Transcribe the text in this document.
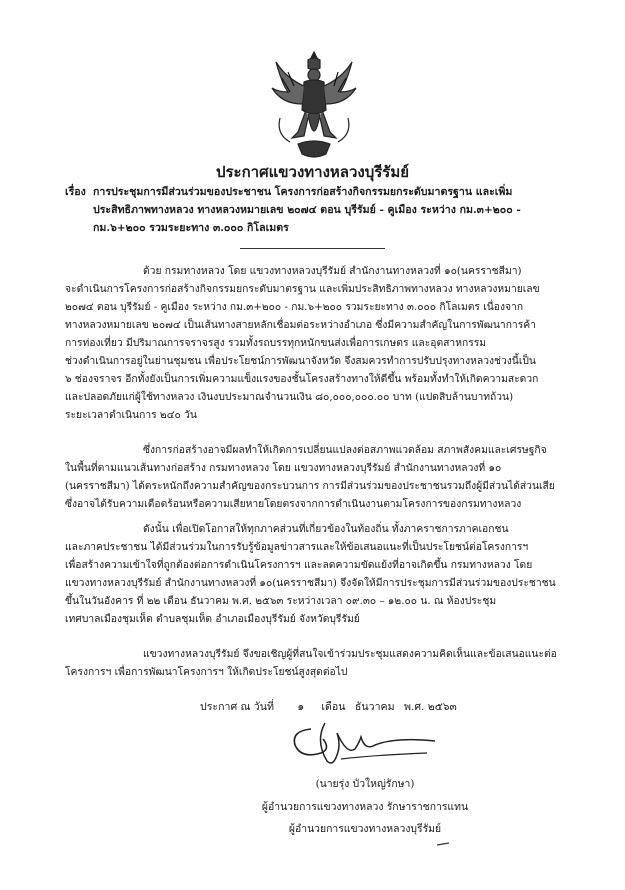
ประกาศแขวงทางหลวงบุรีรัมย์
เรื่อง การประชุมการมีส่วนร่วมของประชาชน โครงการก่อสร้างกิจกรรมยกระดับมาตรฐาน และเพิ่ม
ประสิทธิภาพทางหลวง ทางหลวงหมายเลข ๒๐๗๔ ตอน บุรีรัมย์ - คูเมือง ระหว่าง กม.๓+๒๐๐ -
กม.๖+๒๐๐ รวมระยะทาง ๓.๐๐๐ กิโลเมตร
ด้วย กรมทางหลวง โดย แขวงทางหลวงบุรีรัมย์ สำนักงานทางหลวงที่ ๑๐(นครราชสีมา)
จะดำเนินการโครงการก่อสร้างกิจกรรมยกระดับมาตรฐาน และเพิ่มประสิทธิภาพทางหลวง ทางหลวงหมายเลข
๒๐๗๔ ตอน บุรีรัมย์ - คูเมือง ระหว่าง กม.๓+๒๐๐ - กม.๖+๒๐๐ รวมระยะทาง ๓.๐๐๐ กิโลเมตร เนื่องจาก
ทางหลวงหมายเลข ๒๐๗๔ เป็นเส้นทางสายหลักเชื่อมต่อระหว่างอำเภอ ซึ่งมีความสำคัญในการพัฒนาการค้า
การท่องเที่ยว มีปริมาณการจราจรสูง รวมทั้งรถบรรทุกหนักขนส่งเพื่อการเกษตร และอุตสาหกรรม
ช่วงดำเนินการอยู่ในย่านชุมชน เพื่อประโยชน์การพัฒนาจังหวัด จึงสมควรทำการปรับปรุงทางหลวงช่วงนี้เป็น
๖ ช่องจราจร อีกทั้งยังเป็นการเพิ่มความแข็งแรงของชั้นโครงสร้างทางให้ดีขึ้น พร้อมทั้งทำให้เกิดความสะดวก
และปลอดภัยแก่ผู้ใช้ทางหลวง เงินงบประมาณจำนวนเงิน ๘๐,๐๐๐,๐๐๐.๐๐ บาท (แปดสิบล้านบาทถ้วน)
ระยะเวลาดำเนินการ ๒๔๐ วัน
ซึ่งการก่อสร้างอาจมีผลทำให้เกิดการเปลี่ยนแปลงต่อสภาพแวดล้อม สภาพสังคมและเศรษฐกิจ
ในพื้นที่ตามแนวเส้นทางก่อสร้าง กรมทางหลวง โดย แขวงทางหลวงบุรีรัมย์ สำนักงานทางหลวงที่ ๑๐
(นครราชสีมา) ได้ตระหนักถึงความสำคัญของกระบวนการ การมีส่วนร่วมของประชาชนรวมถึงผู้มีส่วนได้ส่วนเสีย
ซึ่งอาจได้รับความเดือดร้อนหรือความเสียหายโดยตรงจากการดำเนินงานตามโครงการของกรมทางหลวง
ดังนั้น เพื่อเปิดโอกาสให้ทุกภาคส่วนที่เกี่ยวข้องในท้องถิ่น ทั้งภาคราชการภาคเอกชน
และภาคประชาชน ได้มีส่วนร่วมในการรับรู้ข้อมูลข่าวสารและให้ข้อเสนอแนะที่เป็นประโยชน์ต่อโครงการฯ
เพื่อสร้างความเข้าใจที่ถูกต้องต่อการดำเนินโครงการฯ และลดความขัดแย้งที่อาจเกิดขึ้น กรมทางหลวง โดย
แขวงทางหลวงบุรีรัมย์ สำนักงานทางหลวงที่ ๑๐(นครราชสีมา) จึงจัดให้มีการประชุมการมีส่วนร่วมของประชาชน
ขึ้นในวันอังคาร ที่ ๒๒ เดือน ธันวาคม พ.ศ. ๒๕๖๓ ระหว่างเวลา ๐๙.๓๐ – ๑๒.๐๐ น. ณ ห้องประชุม
เทศบาลเมืองชุมเห็ด ตำบลชุมเห็ด อำเภอเมืองบุรีรัมย์ จังหวัดบุรีรัมย์
แขวงทางหลวงบุรีรัมย์ จึงขอเชิญผู้ที่สนใจเข้าร่วมประชุมแสดงความคิดเห็นและข้อเสนอแนะต่อ
โครงการฯ เพื่อการพัฒนาโครงการฯ ให้เกิดประโยชน์สูงสุดต่อไป
ประกาศ ณ วันที่ ๑ เดือน ธันวาคม พ.ศ. ๒๕๖๓
(นายรุ่ง บัวใหญ่รักษา)
ผู้อำนวยการแขวงทางหลวง รักษาราชการแทน
ผู้อำนวยการแขวงทางหลวงบุรีรัมย์
